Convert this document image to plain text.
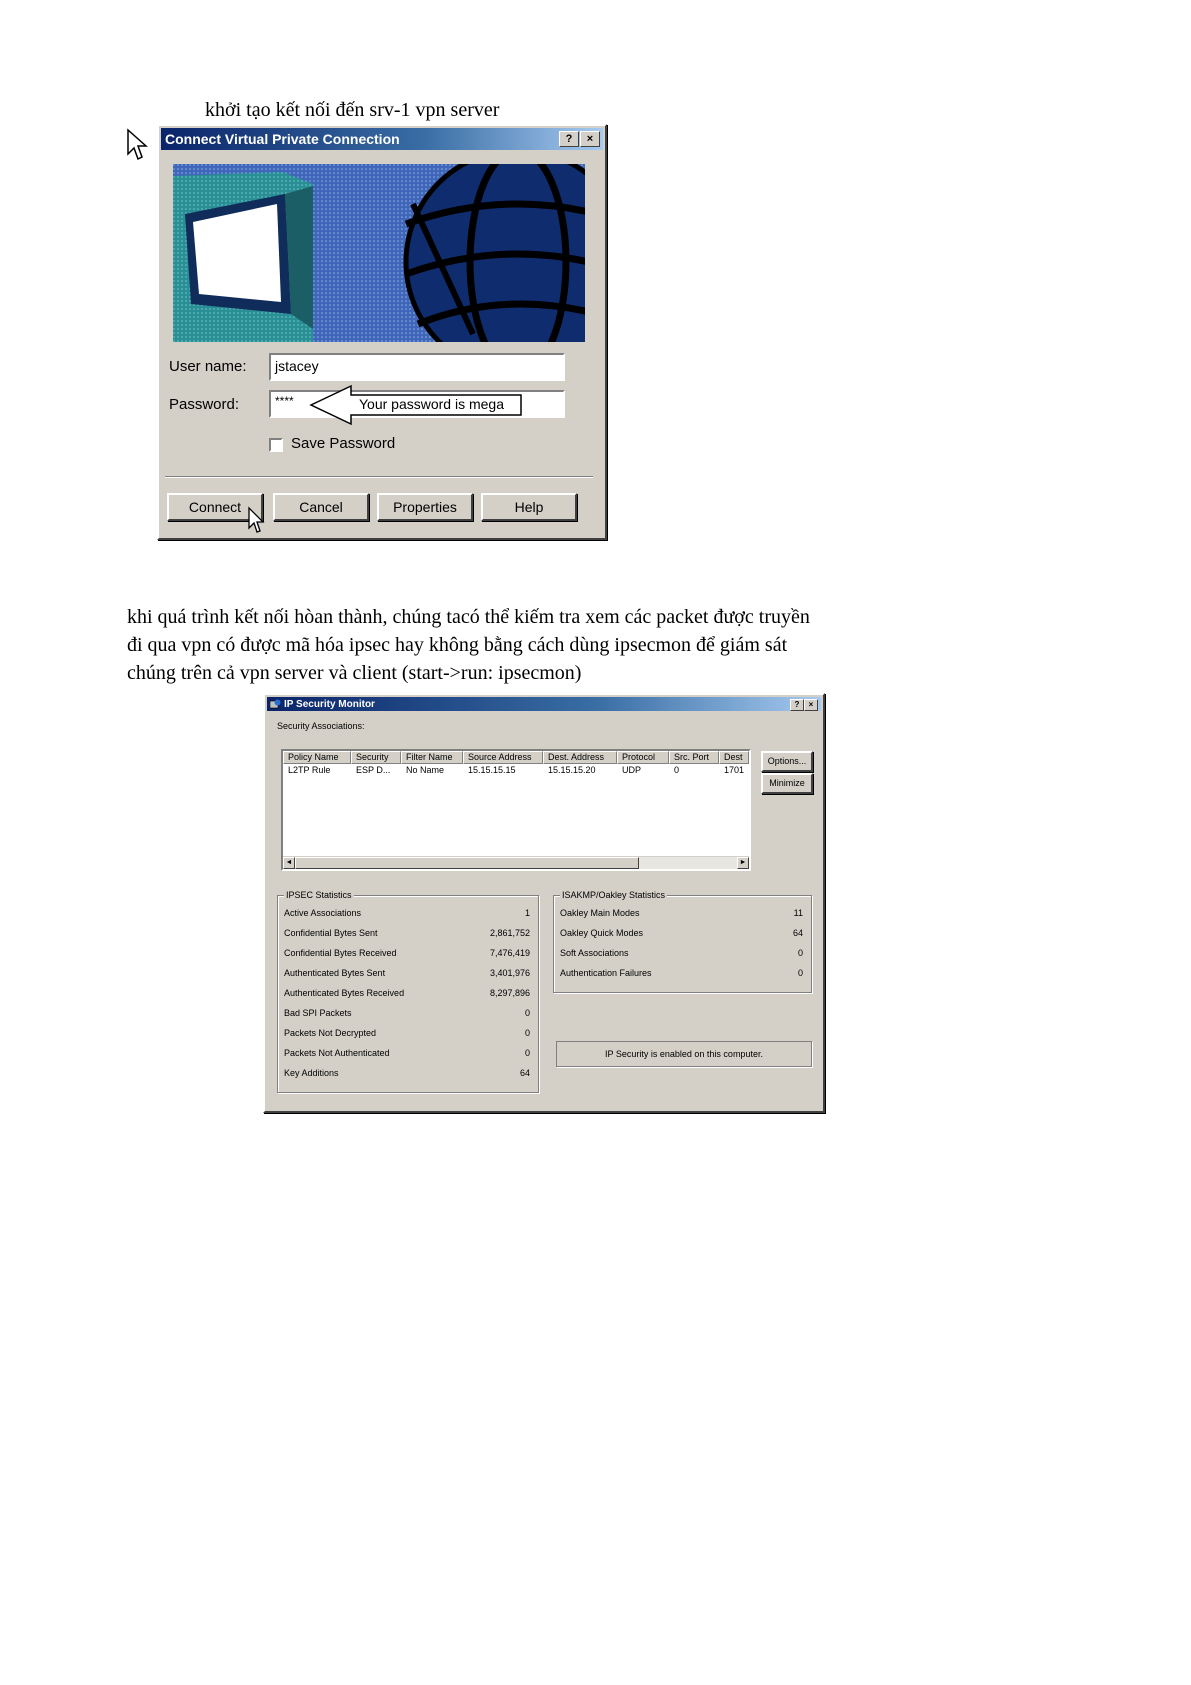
khởi tạo kết nối đến srv-1 vpn server

Connect Virtual Private Connection	?	×
User name:	jstacey
Password:	****	Your password is mega
Save Password
Connect	Cancel	Properties	Help
khi quá trình kết nối hòan thành, chúng tacó thể kiếm tra xem các packet được truyền
đi qua vpn có được mã hóa ipsec hay không bằng cách dùng ipsecmon để giám sát
chúng trên cả vpn server và client (start->run: ipsecmon)
IP Security Monitor	?	×
Security Associations:
Policy Name	Security	Filter Name	Source Address	Dest. Address	Protocol	Src. Port	Dest
L2TP Rule	ESP D...	No Name	15.15.15.15	15.15.15.20	UDP	0	1701
◄	►
Options...
Minimize
IPSEC Statistics
Active Associations	1
Confidential Bytes Sent	2,861,752
Confidential Bytes Received	7,476,419
Authenticated Bytes Sent	3,401,976
Authenticated Bytes Received	8,297,896
Bad SPI Packets	0
Packets Not Decrypted	0
Packets Not Authenticated	0
Key Additions	64
ISAKMP/Oakley Statistics
Oakley Main Modes	11
Oakley Quick Modes	64
Soft Associations	0
Authentication Failures	0
IP Security is enabled on this computer.
